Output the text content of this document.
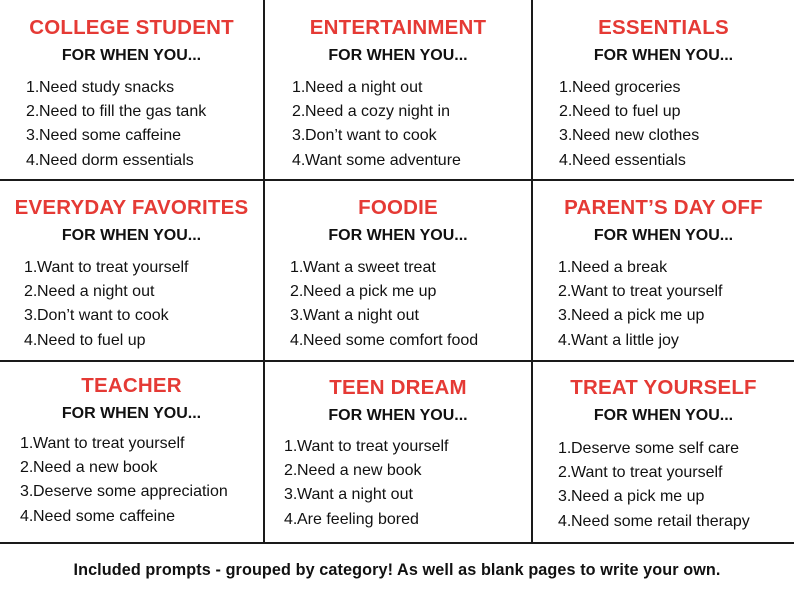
COLLEGE STUDENT
FOR WHEN YOU...
1. Need study snacks
2. Need to fill the gas tank
3. Need some caffeine
4. Need dorm essentials
ENTERTAINMENT
FOR WHEN YOU...
1. Need a night out
2. Need a cozy night in
3. Don’t want to cook
4. Want some adventure
ESSENTIALS
FOR WHEN YOU...
1. Need groceries
2. Need to fuel up
3. Need new clothes
4. Need essentials
EVERYDAY FAVORITES
FOR WHEN YOU...
1. Want to treat yourself
2. Need a night out
3. Don’t want to cook
4. Need to fuel up
FOODIE
FOR WHEN YOU...
1. Want a sweet treat
2. Need a pick me up
3. Want a night out
4. Need some comfort food
PARENT’S DAY OFF
FOR WHEN YOU...
1. Need a break
2. Want to treat yourself
3. Need a pick me up
4. Want a little joy
TEACHER
FOR WHEN YOU...
1. Want to treat yourself
2. Need a new book
3. Deserve some appreciation
4. Need some caffeine
TEEN DREAM
FOR WHEN YOU...
1. Want to treat yourself
2. Need a new book
3. Want a night out
4. Are feeling bored
TREAT YOURSELF
FOR WHEN YOU...
1. Deserve some self care
2. Want to treat yourself
3. Need a pick me up
4. Need some retail therapy
Included prompts - grouped by category! As well as blank pages to write your own.
